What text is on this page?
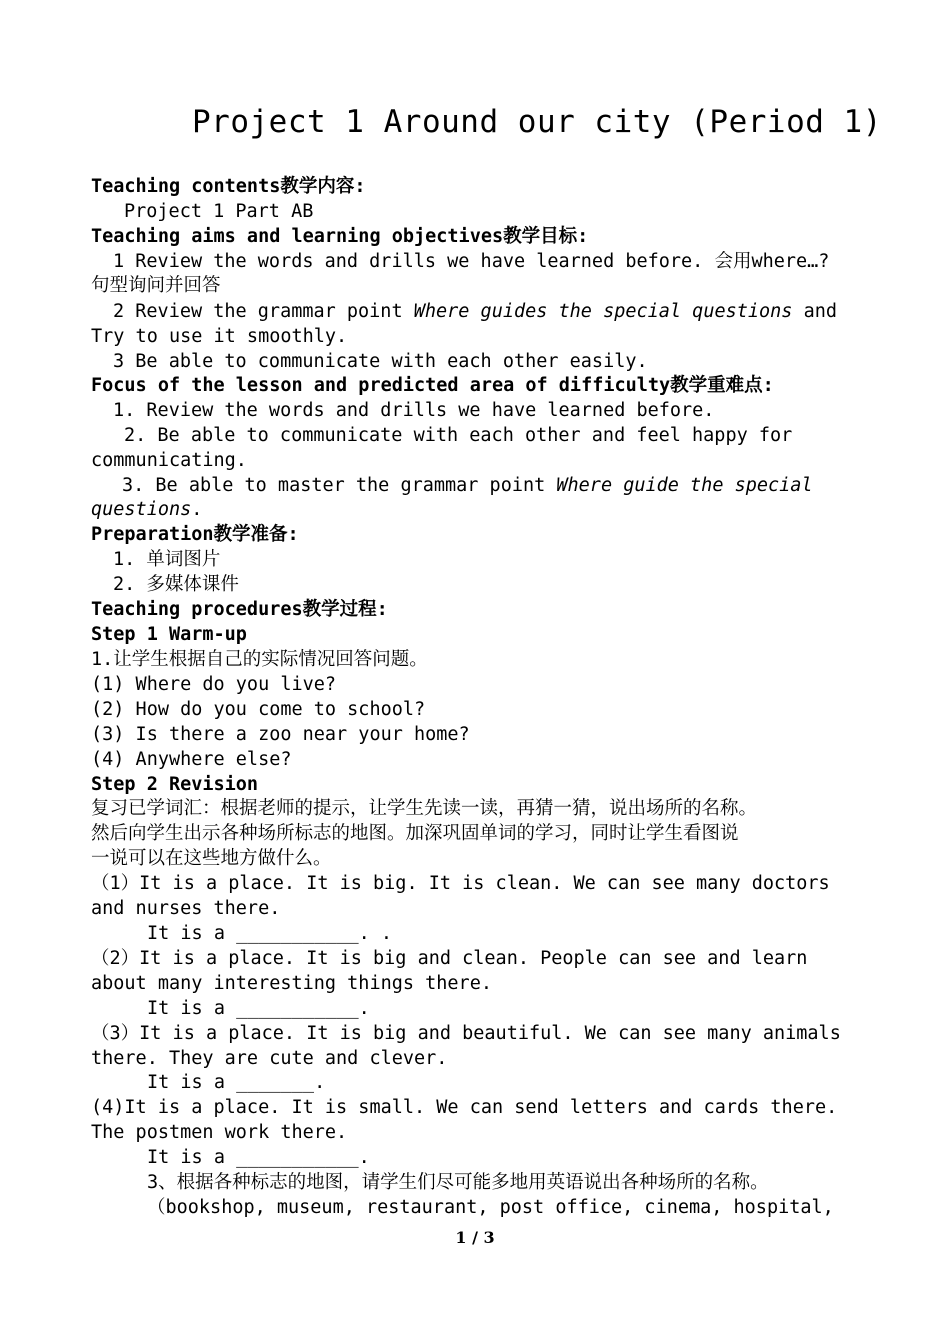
Project 1 Around our city (Period 1)
Teaching contents教学内容:
Project 1 Part AB
Teaching aims and learning objectives教学目标:
1 Review the words and drills we have learned before. 会用where…?
句型询问并回答
2 Review the grammar point Where guides the special questions and
Try to use it smoothly.
3 Be able to communicate with each other easily.
Focus of the lesson and predicted area of difficulty教学重难点:
1. Review the words and drills we have learned before.
2. Be able to communicate with each other and feel happy for
communicating.
3. Be able to master the grammar point Where guide the special
questions.
Preparation教学准备:
1. 单词图片
2. 多媒体课件
Teaching procedures教学过程:
Step 1 Warm-up
1.让学生根据自己的实际情况回答问题。
(1) Where do you live?
(2) How do you come to school?
(3) Is there a zoo near your home?
(4) Anywhere else?
Step 2 Revision
复习已学词汇：根据老师的提示，让学生先读一读，再猜一猜，说出场所的名称。
然后向学生出示各种场所标志的地图。加深巩固单词的学习，同时让学生看图说
一说可以在这些地方做什么。
（1）It is a place. It is big. It is clean. We can see many doctors
and nurses there.
It is a ___________. .
（2）It is a place. It is big and clean. People can see and learn
about many interesting things there.
It is a ___________.
（3）It is a place. It is big and beautiful. We can see many animals
there. They are cute and clever.
It is a _______.
(4)It is a place. It is small. We can send letters and cards there.
The postmen work there.
It is a ___________.
3、根据各种标志的地图，请学生们尽可能多地用英语说出各种场所的名称。
（bookshop, museum, restaurant, post office, cinema, hospital,
1 / 3
